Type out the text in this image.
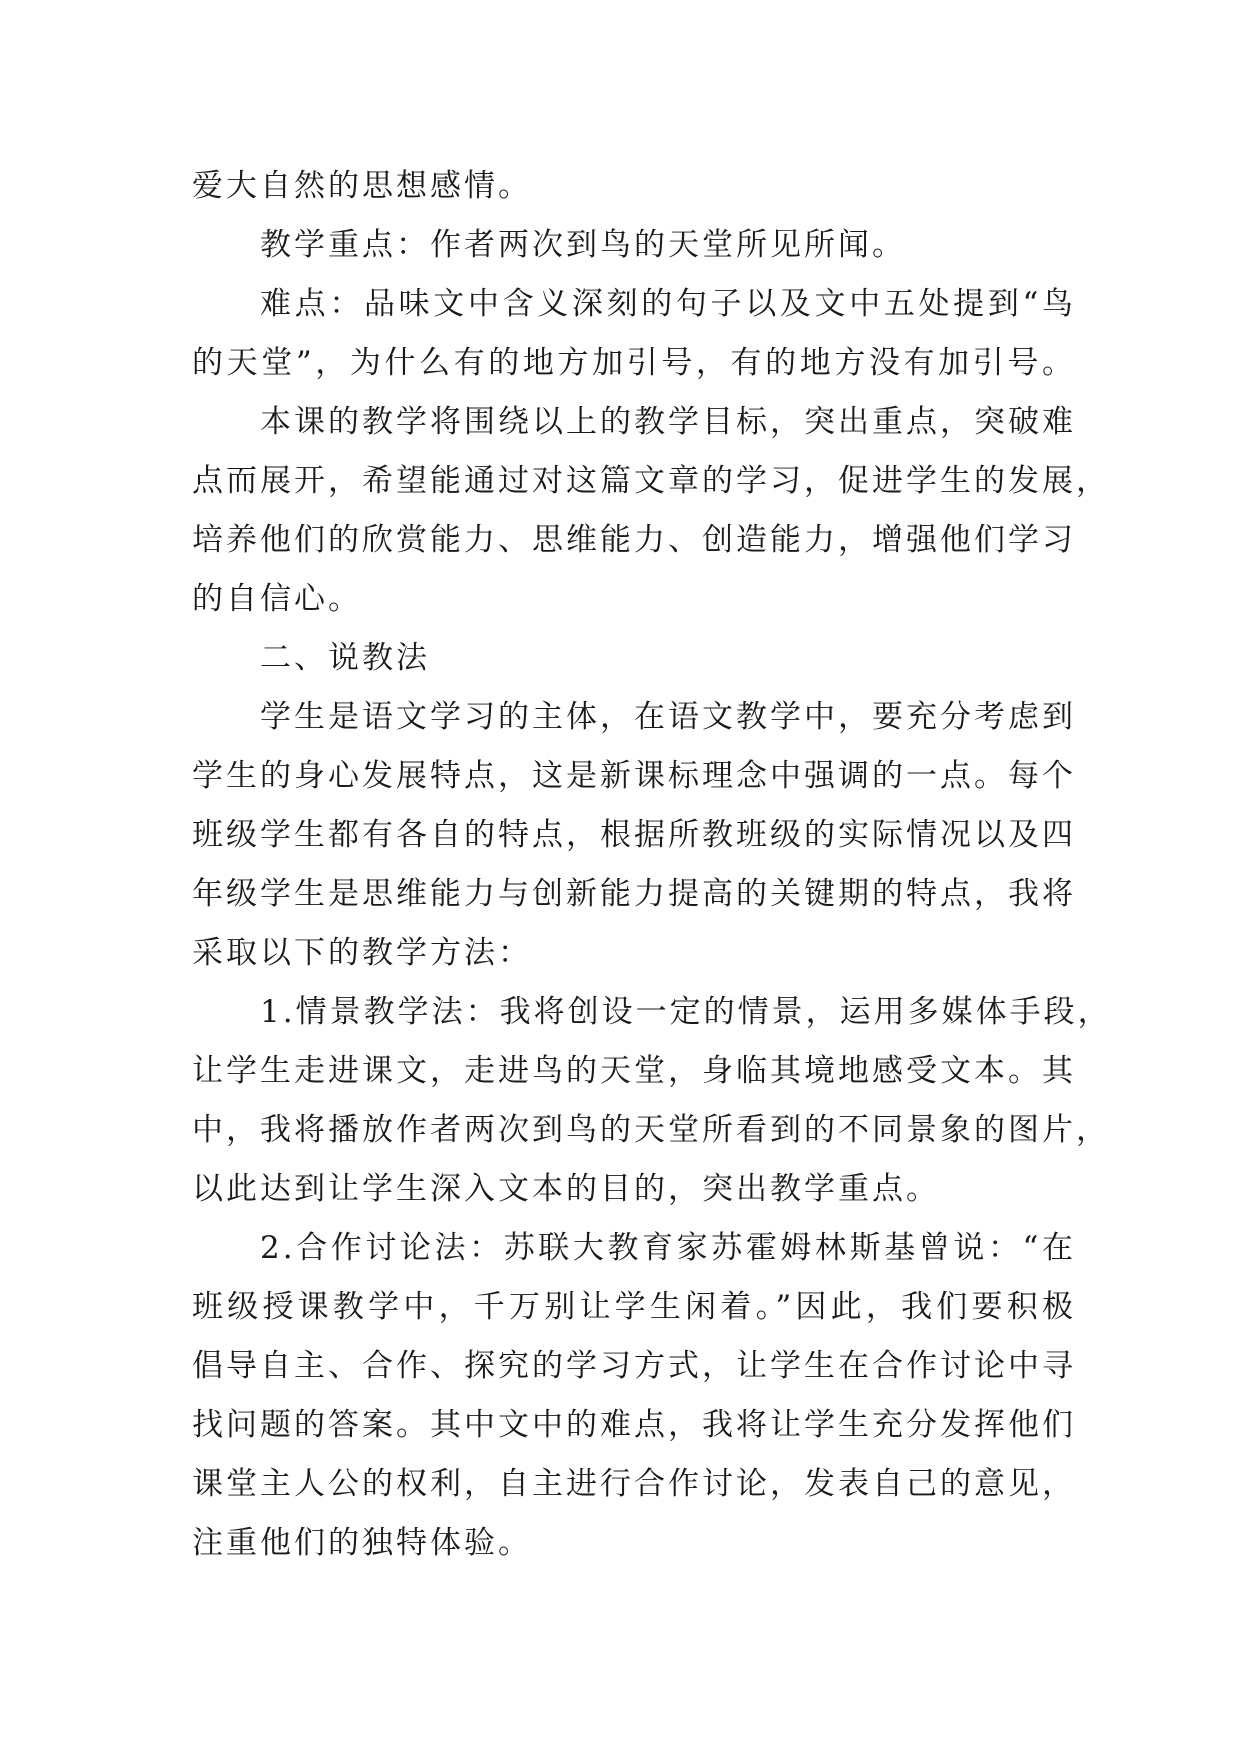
爱大自然的思想感情。
教学重点：作者两次到鸟的天堂所见所闻。
难点：品味文中含义深刻的句子以及文中五处提到“鸟
的天堂”，为什么有的地方加引号，有的地方没有加引号。
本课的教学将围绕以上的教学目标，突出重点，突破难
点而展开，希望能通过对这篇文章的学习，促进学生的发展，
培养他们的欣赏能力、思维能力、创造能力，增强他们学习
的自信心。
二、说教法
学生是语文学习的主体，在语文教学中，要充分考虑到
学生的身心发展特点，这是新课标理念中强调的一点。每个
班级学生都有各自的特点，根据所教班级的实际情况以及四
年级学生是思维能力与创新能力提高的关键期的特点，我将
采取以下的教学方法：
1.情景教学法：我将创设一定的情景，运用多媒体手段，
让学生走进课文，走进鸟的天堂，身临其境地感受文本。其
中，我将播放作者两次到鸟的天堂所看到的不同景象的图片，
以此达到让学生深入文本的目的，突出教学重点。
2.合作讨论法：苏联大教育家苏霍姆林斯基曾说：“在
班级授课教学中，千万别让学生闲着。”因此，我们要积极
倡导自主、合作、探究的学习方式，让学生在合作讨论中寻
找问题的答案。其中文中的难点，我将让学生充分发挥他们
课堂主人公的权利，自主进行合作讨论，发表自己的意见，
注重他们的独特体验。
